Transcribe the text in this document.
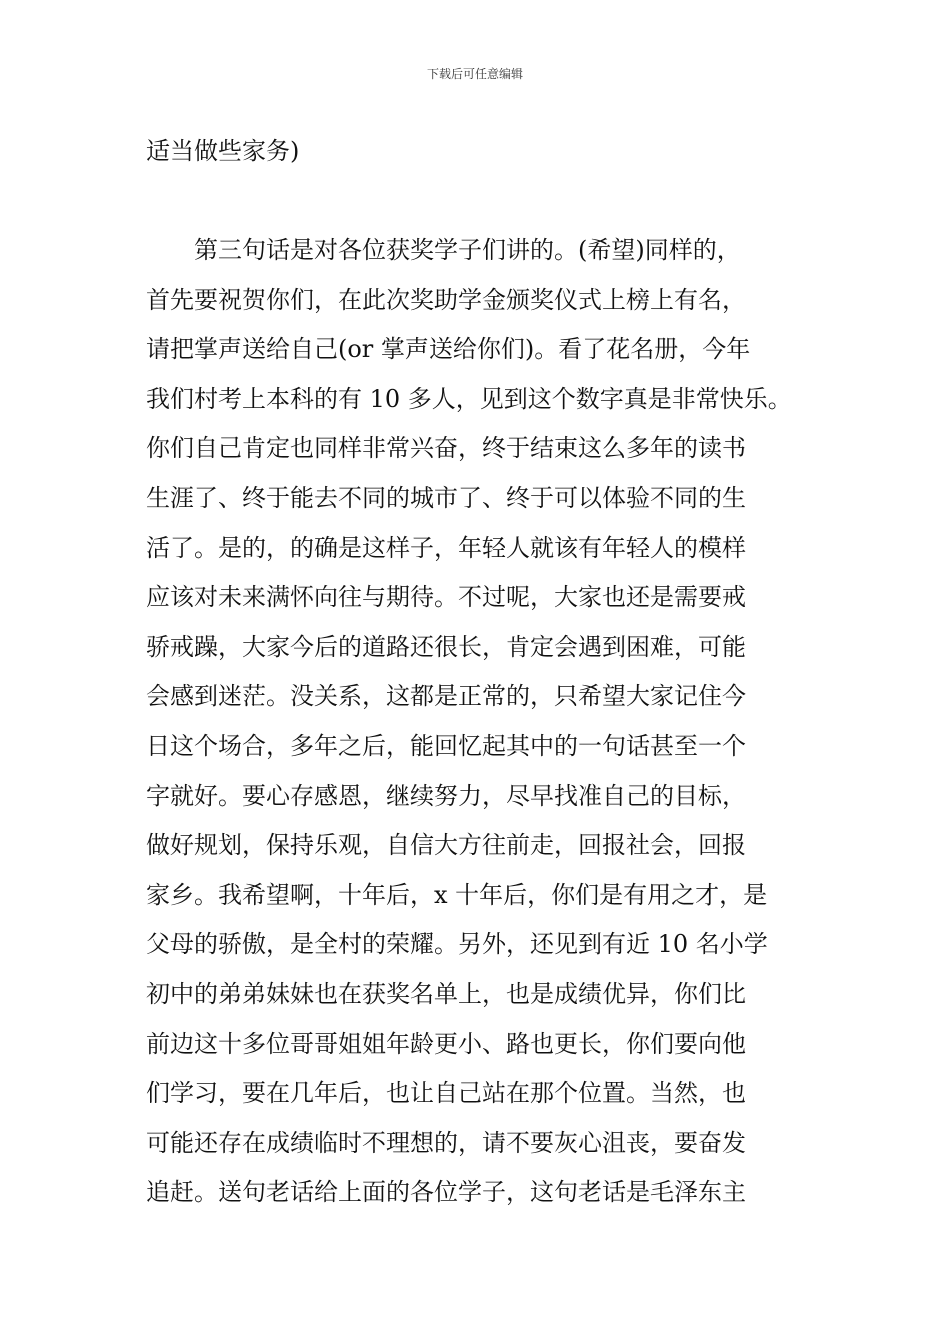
下载后可任意编辑
适当做些家务)
　　第三句话是对各位获奖学子们讲的。(希望)同样的，
首先要祝贺你们，在此次奖助学金颁奖仪式上榜上有名，
请把掌声送给自己(or 掌声送给你们)。看了花名册，今年
我们村考上本科的有 10 多人，见到这个数字真是非常快乐。
你们自己肯定也同样非常兴奋，终于结束这么多年的读书
生涯了、终于能去不同的城市了、终于可以体验不同的生
活了。是的，的确是这样子，年轻人就该有年轻人的模样
应该对未来满怀向往与期待。不过呢，大家也还是需要戒
骄戒躁，大家今后的道路还很长，肯定会遇到困难，可能
会感到迷茫。没关系，这都是正常的，只希望大家记住今
日这个场合，多年之后，能回忆起其中的一句话甚至一个
字就好。要心存感恩，继续努力，尽早找准自己的目标，
做好规划，保持乐观，自信大方往前走，回报社会，回报
家乡。我希望啊，十年后，x 十年后，你们是有用之才，是
父母的骄傲，是全村的荣耀。另外，还见到有近 10 名小学
初中的弟弟妹妹也在获奖名单上，也是成绩优异，你们比
前边这十多位哥哥姐姐年龄更小、路也更长，你们要向他
们学习，要在几年后，也让自己站在那个位置。当然，也
可能还存在成绩临时不理想的，请不要灰心沮丧，要奋发
追赶。送句老话给上面的各位学子，这句老话是毛泽东主
